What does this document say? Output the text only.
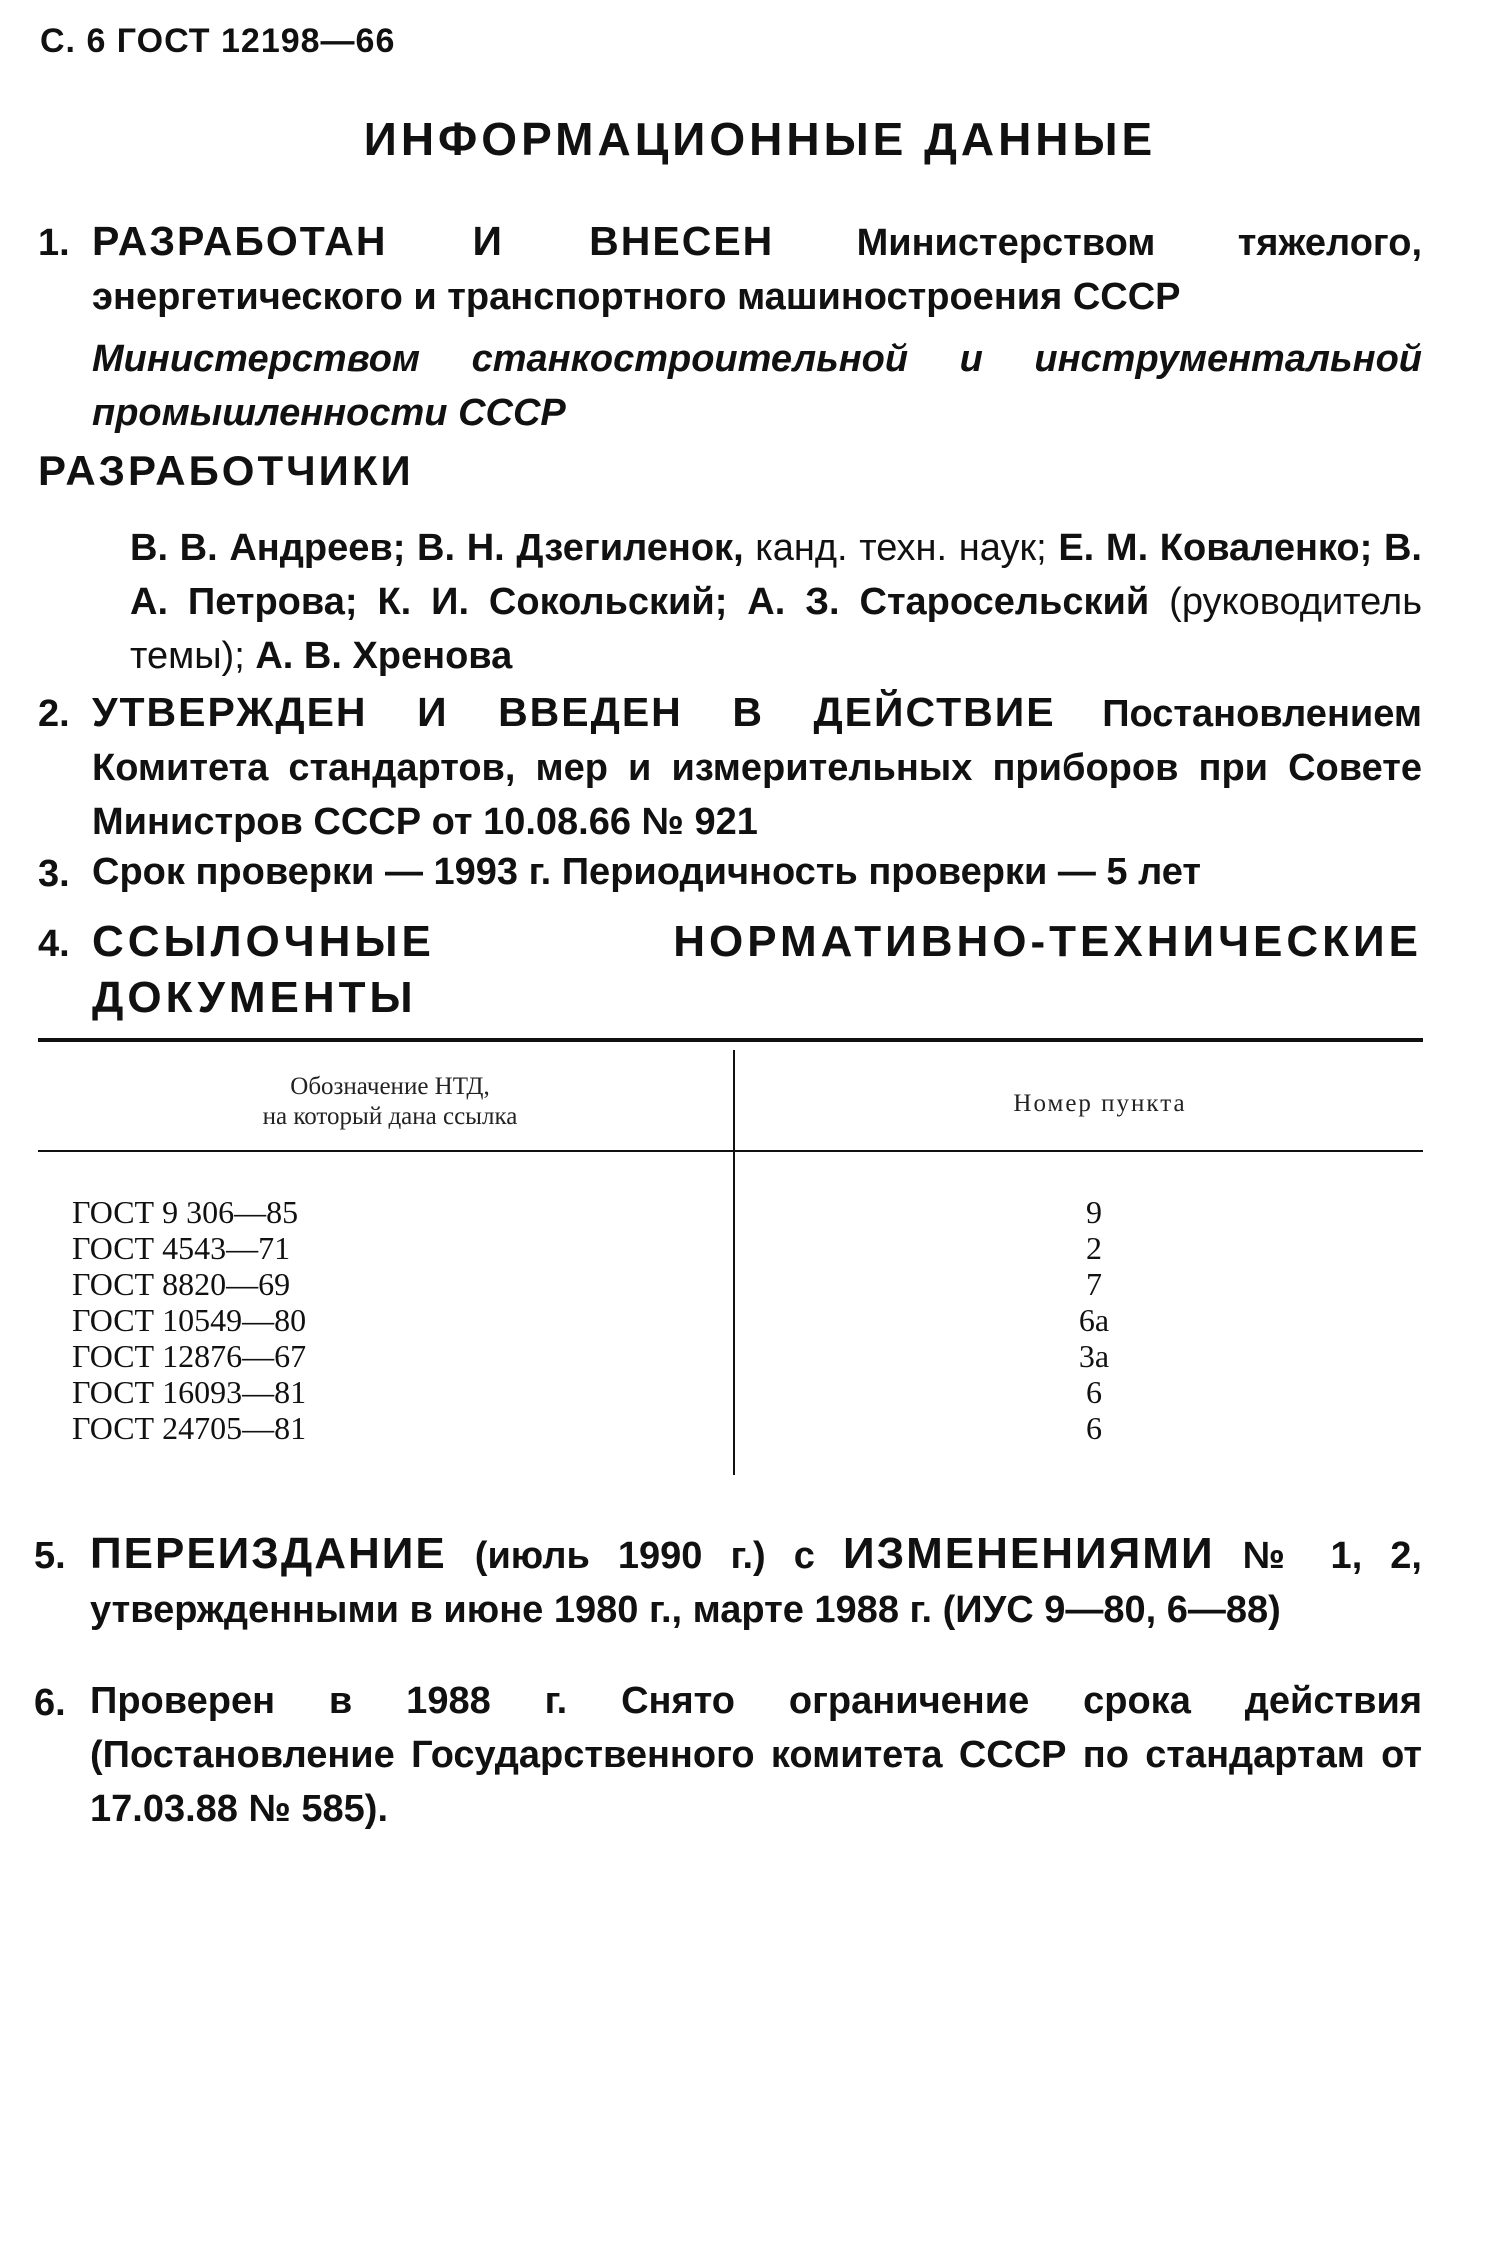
С. 6 ГОСТ 12198—66
ИНФОРМАЦИОННЫЕ ДАННЫЕ
1. РАЗРАБОТАН И ВНЕСЕН Министерством тяжелого, энергетического и транспортного машиностроения СССР
Министерством станкостроительной и инструментальной промышленности СССР
РАЗРАБОТЧИКИ
В. В. Андреев; В. Н. Дзегиленок, канд. техн. наук; Е. М. Коваленко; В. А. Петрова; К. И. Сокольский; А. З. Старосельский (руководитель темы); А. В. Хренова
2. УТВЕРЖДЕН И ВВЕДЕН В ДЕЙСТВИЕ Постановлением Комитета стандартов, мер и измерительных приборов при Совете Министров СССР от 10.08.66 № 921
3. Срок проверки — 1993 г. Периодичность проверки — 5 лет
4. ССЫЛОЧНЫЕ НОРМАТИВНО-ТЕХНИЧЕСКИЕ ДОКУМЕНТЫ
Обозначение НТД,
на который дана ссылка	Номер пункта
ГОСТ 9 306—85
ГОСТ 4543—71
ГОСТ 8820—69
ГОСТ 10549—80
ГОСТ 12876—67
ГОСТ 16093—81
ГОСТ 24705—81
9
2
7
6а
3а
6
6
5. ПЕРЕИЗДАНИЕ (июль 1990 г.) с ИЗМЕНЕНИЯМИ № 1, 2, утвержденными в июне 1980 г., марте 1988 г. (ИУС 9—80, 6—88)
6. Проверен в 1988 г. Снято ограничение срока действия (Постановление Государственного комитета СССР по стандартам от 17.03.88 № 585).
